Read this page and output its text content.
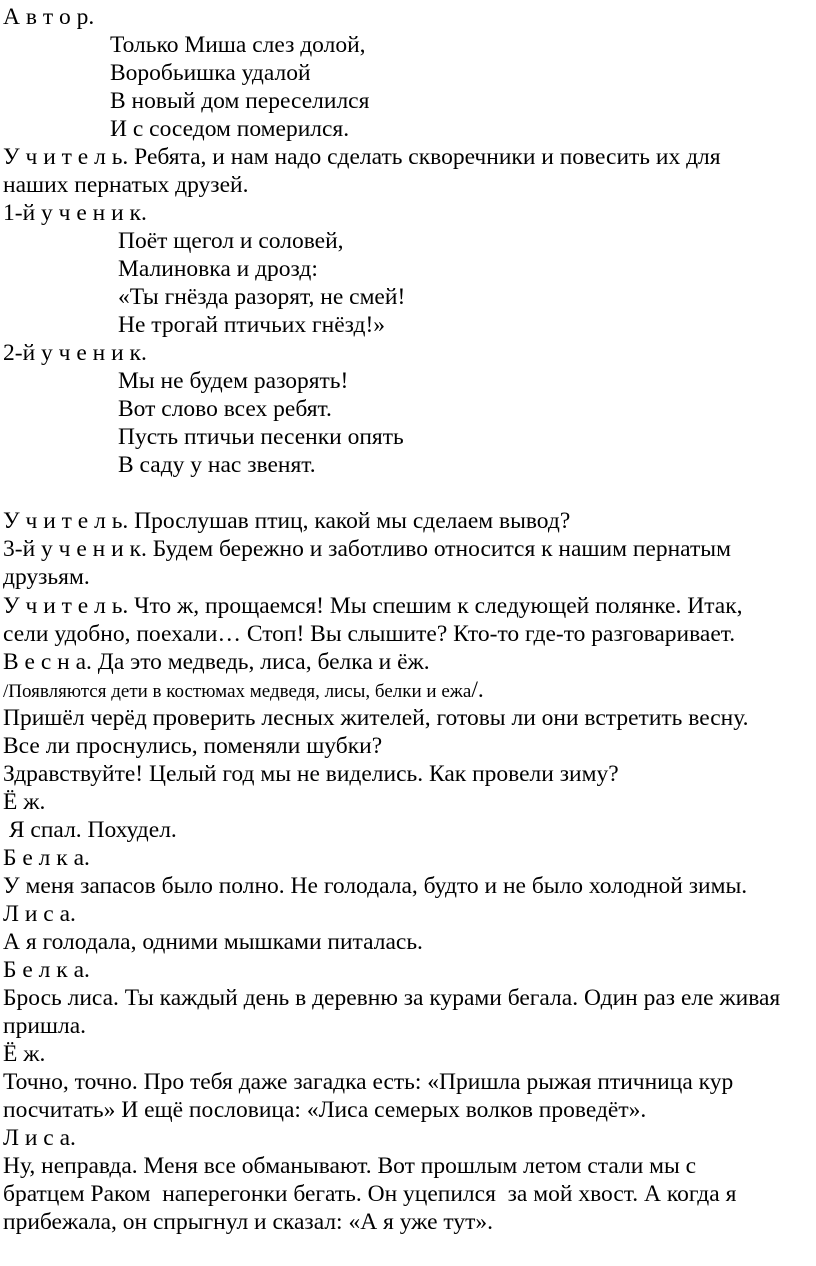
А в т о р.
Только Миша слез долой,
Воробьишка удалой
В новый дом переселился
И с соседом померился.
У ч и т е л ь. Ребята, и нам надо сделать скворечники и повесить их для
наших пернатых друзей.
1-й у ч е н и к.
Поёт щегол и соловей,
Малиновка и дрозд:
«Ты гнёзда разорят, не смей!
Не трогай птичьих гнёзд!»
2-й у ч е н и к.
Мы не будем разорять!
Вот слово всех ребят.
Пусть птичьи песенки опять
В саду у нас звенят.
У ч и т е л ь. Прослушав птиц, какой мы сделаем вывод?
3-й у ч е н и к. Будем бережно и заботливо относится к нашим пернатым
друзьям.
У ч и т е л ь. Что ж, прощаемся! Мы спешим к следующей полянке. Итак,
сели удобно, поехали… Стоп! Вы слышите? Кто-то где-то разговаривает.
В е с н а. Да это медведь, лиса, белка и ёж.
/Появляются дети в костюмах медведя, лисы, белки и ежа/.
Пришёл черёд проверить лесных жителей, готовы ли они встретить весну.
Все ли проснулись, поменяли шубки?
Здравствуйте! Целый год мы не виделись. Как провели зиму?
Ё ж.
Я спал. Похудел.
Б е л к а.
У меня запасов было полно. Не голодала, будто и не было холодной зимы.
Л и с а.
А я голодала, одними мышками питалась.
Б е л к а.
Брось лиса. Ты каждый день в деревню за курами бегала. Один раз еле живая
пришла.
Ё ж.
Точно, точно. Про тебя даже загадка есть: «Пришла рыжая птичница кур
посчитать» И ещё пословица: «Лиса семерых волков проведёт».
Л и с а.
Ну, неправда. Меня все обманывают. Вот прошлым летом стали мы с
братцем Раком  наперегонки бегать. Он уцепился  за мой хвост. А когда я
прибежала, он спрыгнул и сказал: «А я уже тут».
